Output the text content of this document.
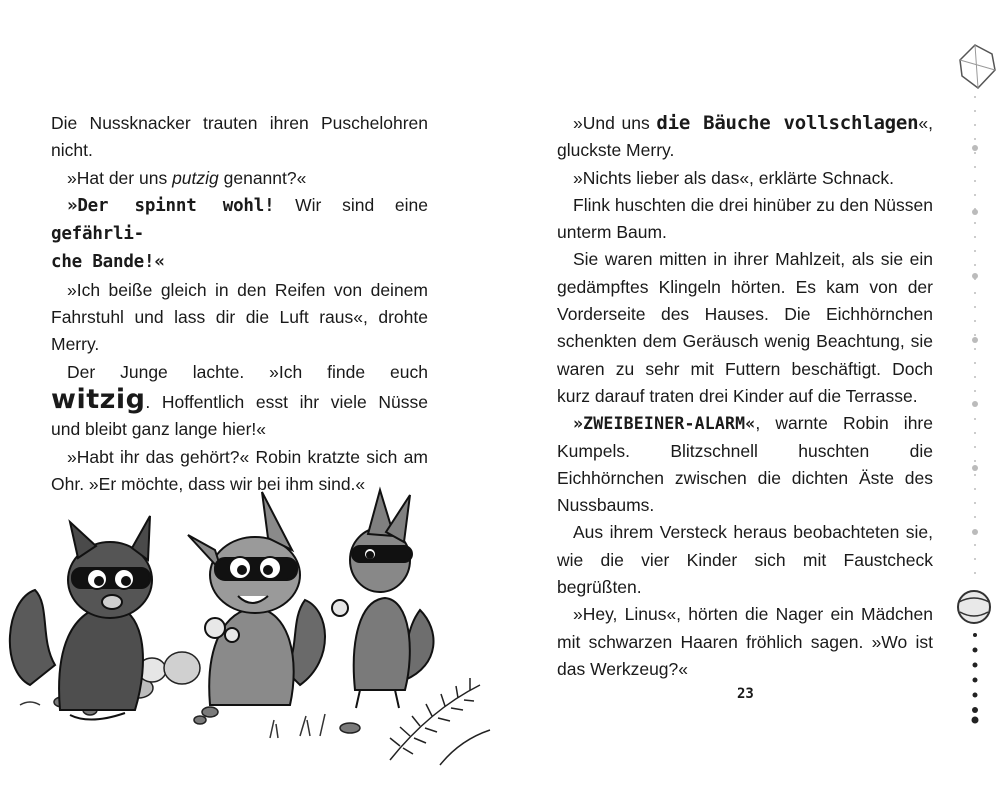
Die Nussknacker trauten ihren Puschelohren nicht.

»Hat der uns putzig genannt?«

»Der spinnt wohl! Wir sind eine gefährli-
che Bande!«

»Ich beiße gleich in den Reifen von deinem Fahrstuhl und lass dir die Luft raus«, drohte Merry.

Der Junge lachte. »Ich finde euch witzig. Hoffentlich esst ihr viele Nüsse und bleibt ganz lange hier!«

»Habt ihr das gehört?« Robin kratzte sich am Ohr. »Er möchte, dass wir bei ihm sind.«

»Und uns die Bäuche vollschlagen«, gluckste Merry.

»Nichts lieber als das«, erklärte Schnack.

Flink huschten die drei hinüber zu den Nüssen unterm Baum.

Sie waren mitten in ihrer Mahlzeit, als sie ein gedämpftes Klingeln hörten. Es kam von der Vorderseite des Hauses. Die Eichhörnchen schenkten dem Geräusch wenig Beachtung, sie waren zu sehr mit Futtern beschäftigt. Doch kurz darauf traten drei Kinder auf die Terrasse.

»ZWEIBEINER-ALARM«, warnte Robin ihre Kumpels. Blitzschnell huschten die Eichhörnchen zwischen die dichten Äste des Nussbaums.

Aus ihrem Versteck heraus beobachteten sie, wie die vier Kinder sich mit Faustcheck begrüßten.

»Hey, Linus«, hörten die Nager ein Mädchen mit schwarzen Haaren fröhlich sagen. »Wo ist das Werkzeug?«

23
